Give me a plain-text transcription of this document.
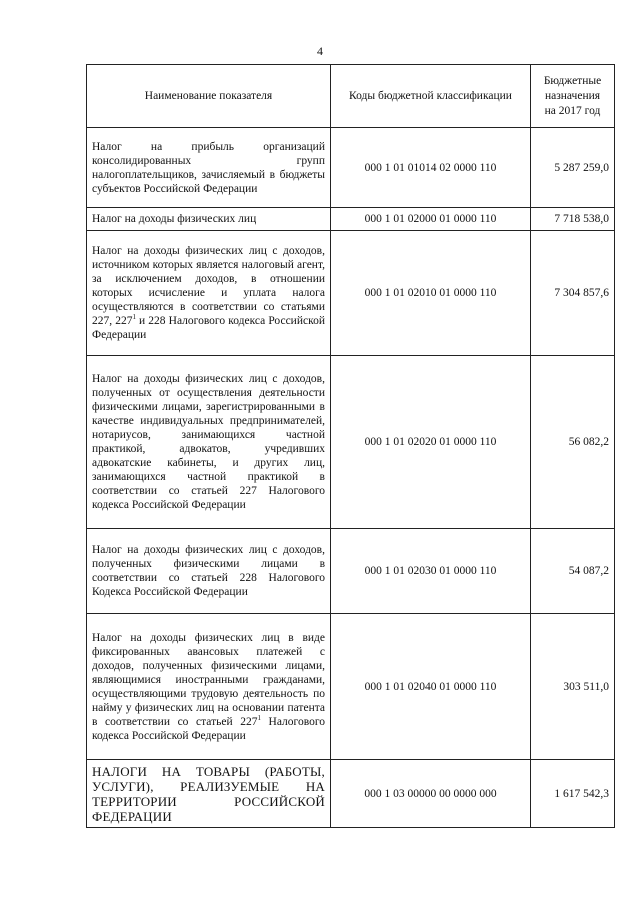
4
Наименование показателя	Коды бюджетной классификации	Бюджетные
назначения
на 2017 год
Налог на прибыль организаций консолидированных групп налогоплательщиков, зачисляемый в бюджеты субъектов Российской Федерации	000 1 01 01014 02 0000 110	5 287 259,0
Налог на доходы физических лиц	000 1 01 02000 01 0000 110	7 718 538,0
Налог на доходы физических лиц с доходов, источником которых является налоговый агент, за исключением доходов, в отношении которых исчисление и уплата налога осуществляются в соответствии со статьями 227, $227^1$ и 228 Налогового кодекса Российской Федерации	000 1 01 02010 01 0000 110	7 304 857,6
Налог на доходы физических лиц с доходов, полученных от осуществления деятельности физическими лицами, зарегистрированными в качестве индивидуальных предпринимателей, нотариусов, занимающихся частной практикой, адвокатов, учредивших адвокатские кабинеты, и других лиц, занимающихся частной практикой в соответствии со статьей 227 Налогового кодекса Российской Федерации	000 1 01 02020 01 0000 110	56 082,2
Налог на доходы физических лиц с доходов, полученных физическими лицами в соответствии со статьей 228 Налогового Кодекса Российской Федерации	000 1 01 02030 01 0000 110	54 087,2
Налог на доходы физических лиц в виде фиксированных авансовых платежей с доходов, полученных физическими лицами, являющимися иностранными гражданами, осуществляющими трудовую деятельность по найму у физических лиц на основании патента в соответствии со статьей $227^1$ Налогового кодекса Российской Федерации	000 1 01 02040 01 0000 110	303 511,0
НАЛОГИ НА ТОВАРЫ (РАБОТЫ, УСЛУГИ), РЕАЛИЗУЕМЫЕ НА ТЕРРИТОРИИ РОССИЙСКОЙ ФЕДЕРАЦИИ	000 1 03 00000 00 0000 000	1 617 542,3
